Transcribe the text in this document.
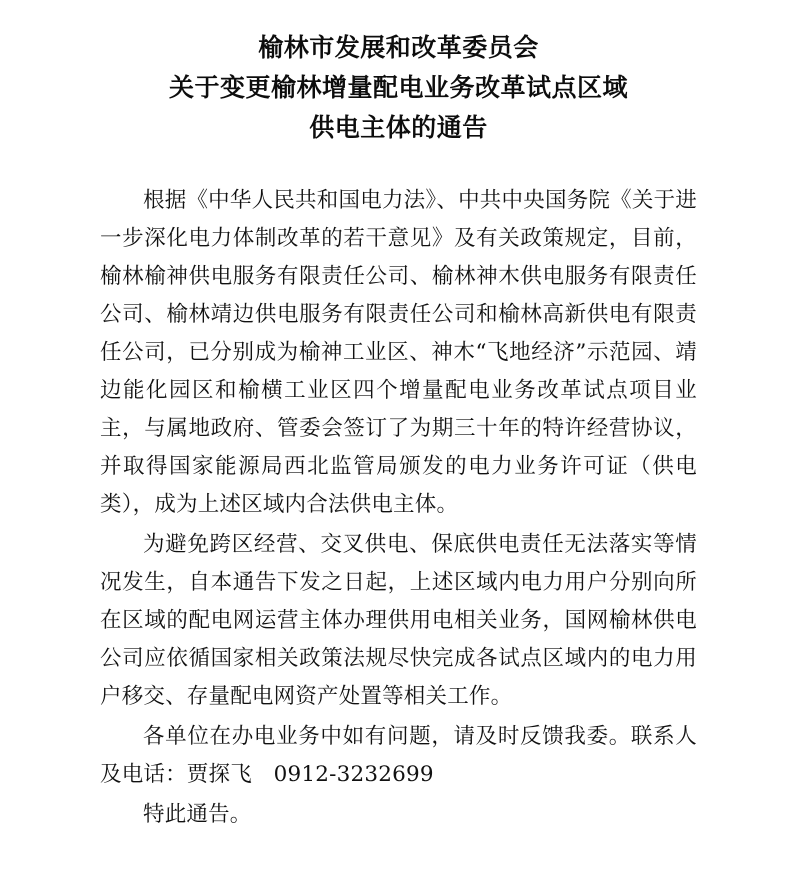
榆林市发展和改革委员会
关于变更榆林增量配电业务改革试点区域
供电主体的通告

根据《中华人民共和国电力法》、中共中央国务院《关于进一步深化电力体制改革的若干意见》及有关政策规定，目前，榆林榆神供电服务有限责任公司、榆林神木供电服务有限责任公司、榆林靖边供电服务有限责任公司和榆林高新供电有限责任公司，已分别成为榆神工业区、神木“飞地经济”示范园、靖边能化园区和榆横工业区四个增量配电业务改革试点项目业主，与属地政府、管委会签订了为期三十年的特许经营协议，并取得国家能源局西北监管局颁发的电力业务许可证（供电类），成为上述区域内合法供电主体。

为避免跨区经营、交叉供电、保底供电责任无法落实等情况发生，自本通告下发之日起，上述区域内电力用户分别向所在区域的配电网运营主体办理供用电相关业务，国网榆林供电公司应依循国家相关政策法规尽快完成各试点区域内的电力用户移交、存量配电网资产处置等相关工作。

各单位在办电业务中如有问题，请及时反馈我委。联系人及电话：贾探飞　0912-3232699

特此通告。
